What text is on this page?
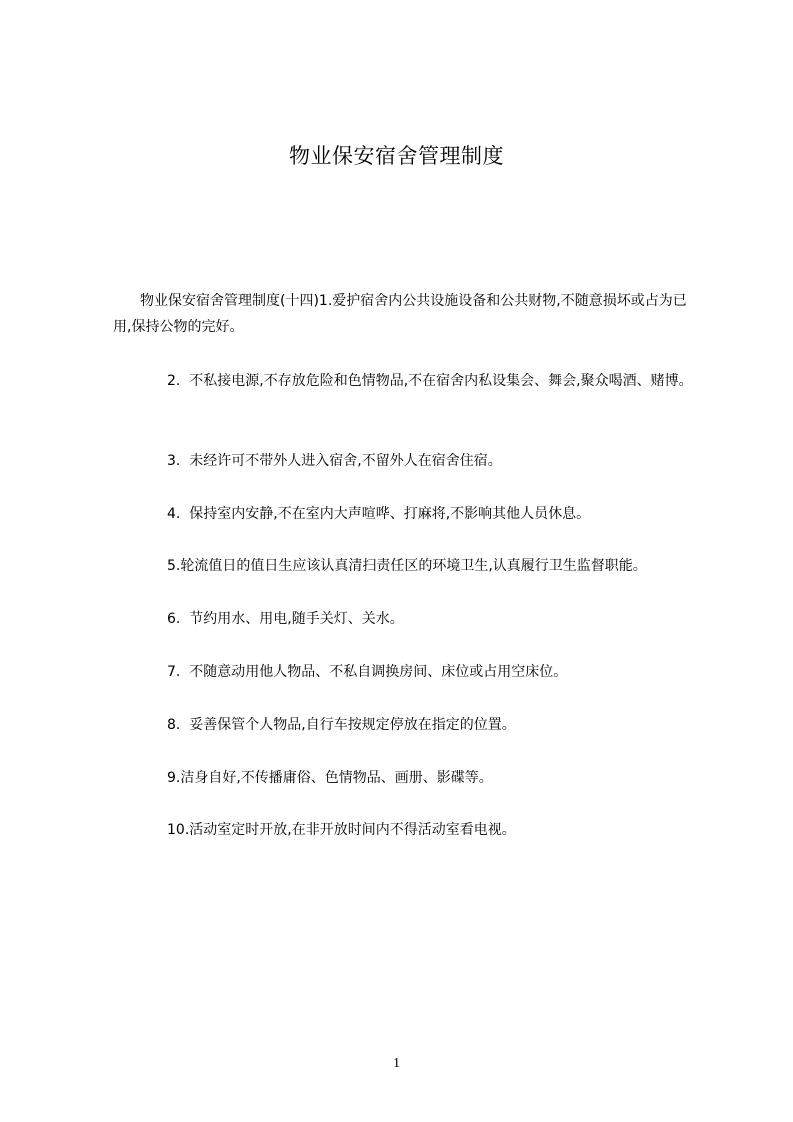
物业保安宿舍管理制度

物业保安宿舍管理制度(十四)1.爱护宿舍内公共设施设备和公共财物,不随意损坏或占为已用,保持公物的完好。

2. 不私接电源,不存放危险和色情物品,不在宿舍内私设集会、舞会,聚众喝酒、赌博。

3. 未经许可不带外人进入宿舍,不留外人在宿舍住宿。

4. 保持室内安静,不在室内大声喧哗、打麻将,不影响其他人员休息。

5.轮流值日的值日生应该认真清扫责任区的环境卫生,认真履行卫生监督职能。

6. 节约用水、用电,随手关灯、关水。

7. 不随意动用他人物品、不私自调换房间、床位或占用空床位。

8. 妥善保管个人物品,自行车按规定停放在指定的位置。

9.洁身自好,不传播庸俗、色情物品、画册、影碟等。

10.活动室定时开放,在非开放时间内不得活动室看电视。

1
